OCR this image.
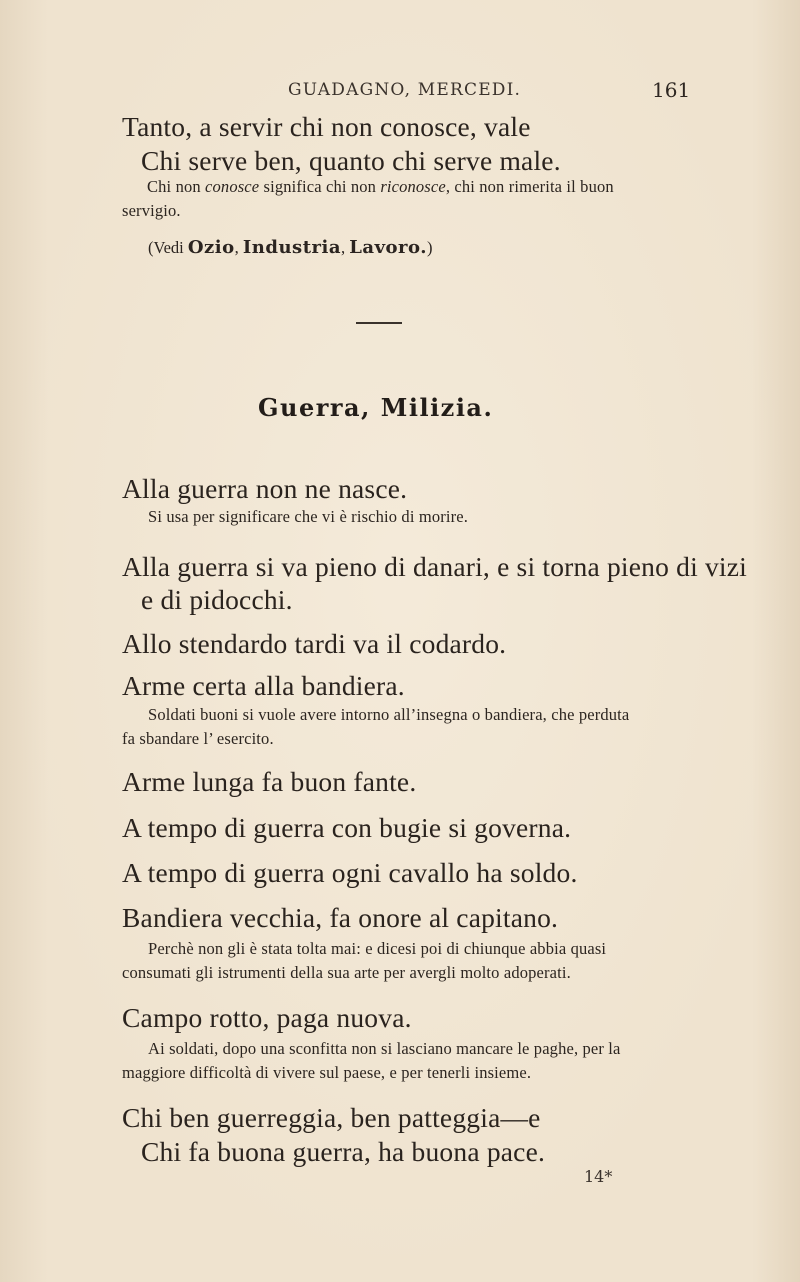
GUADAGNO, MERCEDI.	161
Tanto, a servir chi non conosce, vale
Chi serve ben, quanto chi serve male.
Chi non conosce significa chi non riconosce, chi non rimerita il buon
servigio.
(Vedi Ozio, Industria, Lavoro.)
Guerra, Milizia.
Alla guerra non ne nasce.
Si usa per significare che vi è rischio di morire.
Alla guerra si va pieno di danari, e si torna pieno di vizi
e di pidocchi.
Allo stendardo tardi va il codardo.
Arme certa alla bandiera.
Soldati buoni si vuole avere intorno all’insegna o bandiera, che perduta
fa sbandare l’ esercito.
Arme lunga fa buon fante.
A tempo di guerra con bugie si governa.
A tempo di guerra ogni cavallo ha soldo.
Bandiera vecchia, fa onore al capitano.
Perchè non gli è stata tolta mai: e dicesi poi di chiunque abbia quasi
consumati gli istrumenti della sua arte per avergli molto adoperati.
Campo rotto, paga nuova.
Ai soldati, dopo una sconfitta non si lasciano mancare le paghe, per la
maggiore difficoltà di vivere sul paese, e per tenerli insieme.
Chi ben guerreggia, ben patteggia—e
Chi fa buona guerra, ha buona pace.
14*
